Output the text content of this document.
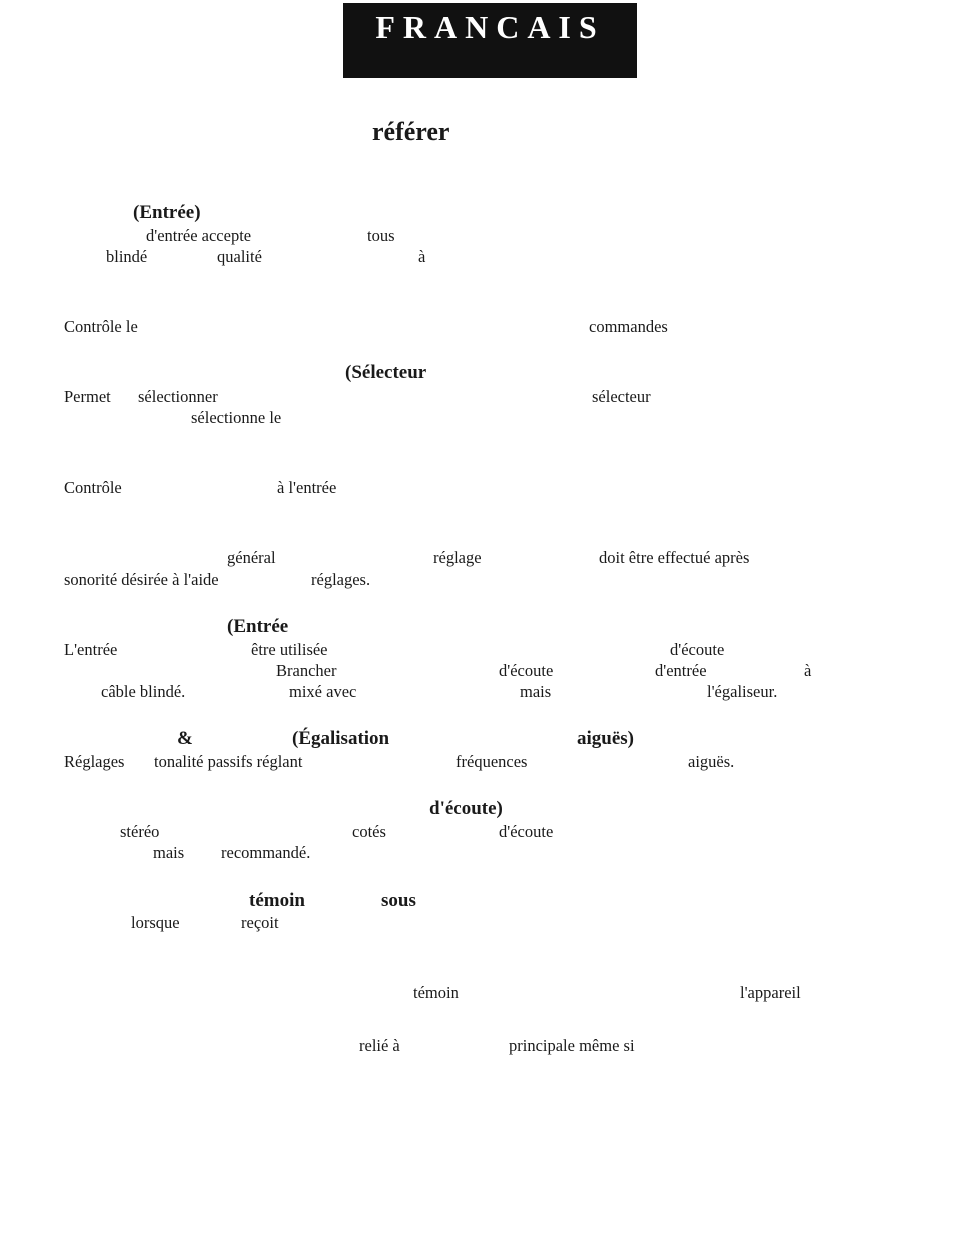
FRANCAIS
référer
(Entrée)
d'entrée accepte	tous
blindé	qualité	à
Contrôle le	commandes
(Sélecteur
Permet sélectionner	sélecteur
sélectionne le
Contrôle	à l'entrée
général	réglage	doit être effectué après
sonorité désirée à l'aide	réglages.
(Entrée
L'entrée	être utilisée	d'écoute
Brancher	d'écoute	d'entrée	à
câble blindé.	mixé avec	mais	l'égaliseur.
&	(Égalisation	aiguës)
Réglages tonalité passifs réglant	fréquences	aiguës.
d'écoute)
stéréo	cotés	d'écoute
mais recommandé.
témoin	sous
lorsque	reçoit
témoin	l'appareil
relié à	principale même si
